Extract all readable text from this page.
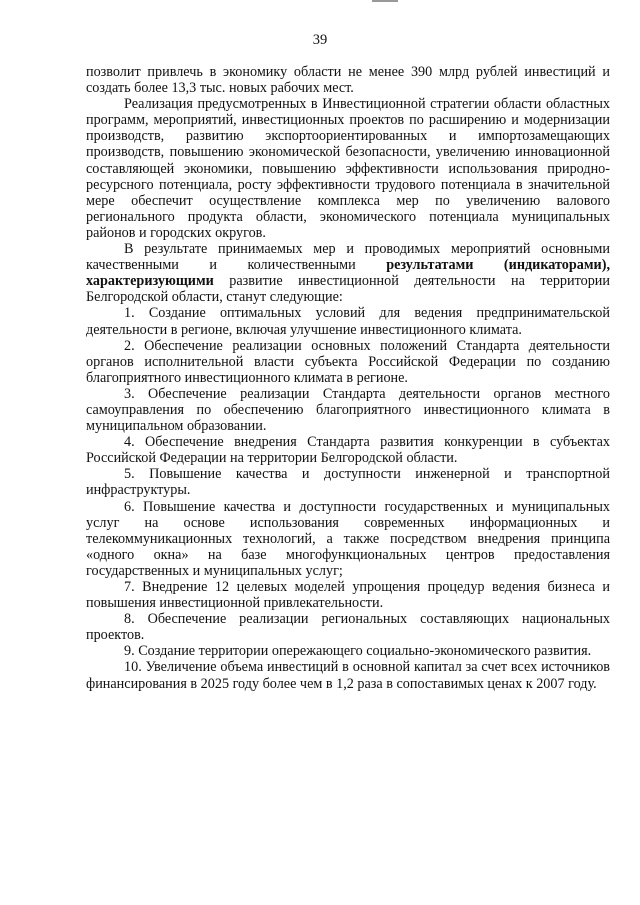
39

позволит привлечь в экономику области не менее 390 млрд рублей инвестиций и создать более 13,3 тыс. новых рабочих мест.

Реализация предусмотренных в Инвестиционной стратегии области областных программ, мероприятий, инвестиционных проектов по расширению и модернизации производств, развитию экспортоориентированных и импортозамещающих производств, повышению экономической безопасности, увеличению инновационной составляющей экономики, повышению эффективности использования природно-ресурсного потенциала, росту эффективности трудового потенциала в значительной мере обеспечит осуществление комплекса мер по увеличению валового регионального продукта области, экономического потенциала муниципальных районов и городских округов.

В результате принимаемых мер и проводимых мероприятий основными качественными и количественными результатами (индикаторами), характеризующими развитие инвестиционной деятельности на территории Белгородской области, станут следующие:

1. Создание оптимальных условий для ведения предпринимательской деятельности в регионе, включая улучшение инвестиционного климата.

2. Обеспечение реализации основных положений Стандарта деятельности органов исполнительной власти субъекта Российской Федерации по созданию благоприятного инвестиционного климата в регионе.

3. Обеспечение реализации Стандарта деятельности органов местного самоуправления по обеспечению благоприятного инвестиционного климата в муниципальном образовании.

4. Обеспечение внедрения Стандарта развития конкуренции в субъектах Российской Федерации на территории Белгородской области.

5. Повышение качества и доступности инженерной и транспортной инфраструктуры.

6. Повышение качества и доступности государственных и муниципальных услуг на основе использования современных информационных и телекоммуникационных технологий, а также посредством внедрения принципа «одного окна» на базе многофункциональных центров предоставления государственных и муниципальных услуг;

7. Внедрение 12 целевых моделей упрощения процедур ведения бизнеса и повышения инвестиционной привлекательности.

8. Обеспечение реализации региональных составляющих национальных проектов.

9. Создание территории опережающего социально-экономического развития.

10. Увеличение объема инвестиций в основной капитал за счет всех источников финансирования в 2025 году более чем в 1,2 раза в сопоставимых ценах к 2007 году.
